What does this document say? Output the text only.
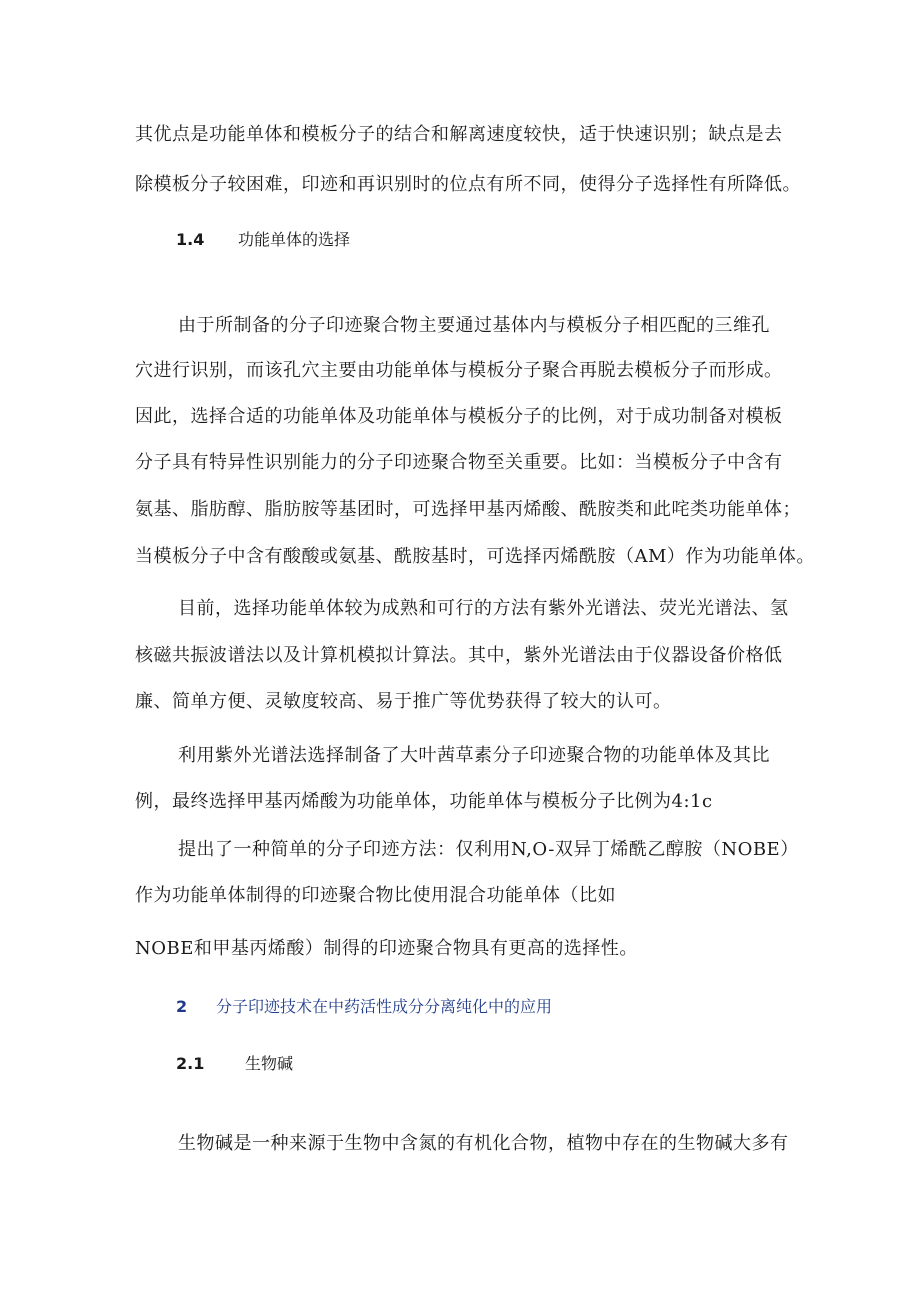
其优点是功能单体和模板分子的结合和解离速度较快，适于快速识别；缺点是去
除模板分子较困难，印迹和再识别时的位点有所不同，使得分子选择性有所降低。
1.4 功能单体的选择
由于所制备的分子印迹聚合物主要通过基体内与模板分子相匹配的三维孔
穴进行识别，而该孔穴主要由功能单体与模板分子聚合再脱去模板分子而形成。
因此，选择合适的功能单体及功能单体与模板分子的比例，对于成功制备对模板
分子具有特异性识别能力的分子印迹聚合物至关重要。比如：当模板分子中含有
氨基、脂肪醇、脂肪胺等基团时，可选择甲基丙烯酸、酰胺类和此咤类功能单体；
当模板分子中含有酸酸或氨基、酰胺基时，可选择丙烯酰胺（AM）作为功能单体。
目前，选择功能单体较为成熟和可行的方法有紫外光谱法、荧光光谱法、氢
核磁共振波谱法以及计算机模拟计算法。其中，紫外光谱法由于仪器设备价格低
廉、简单方便、灵敏度较高、易于推广等优势获得了较大的认可。
利用紫外光谱法选择制备了大叶茜草素分子印迹聚合物的功能单体及其比
例，最终选择甲基丙烯酸为功能单体，功能单体与模板分子比例为4:1c
提出了一种简单的分子印迹方法：仅利用N,O-双异丁烯酰乙醇胺（NOBE）
作为功能单体制得的印迹聚合物比使用混合功能单体（比如
NOBE和甲基丙烯酸）制得的印迹聚合物具有更高的选择性。
2 分子印迹技术在中药活性成分分离纯化中的应用
2.1	生物碱
生物碱是一种来源于生物中含氮的有机化合物，植物中存在的生物碱大多有
